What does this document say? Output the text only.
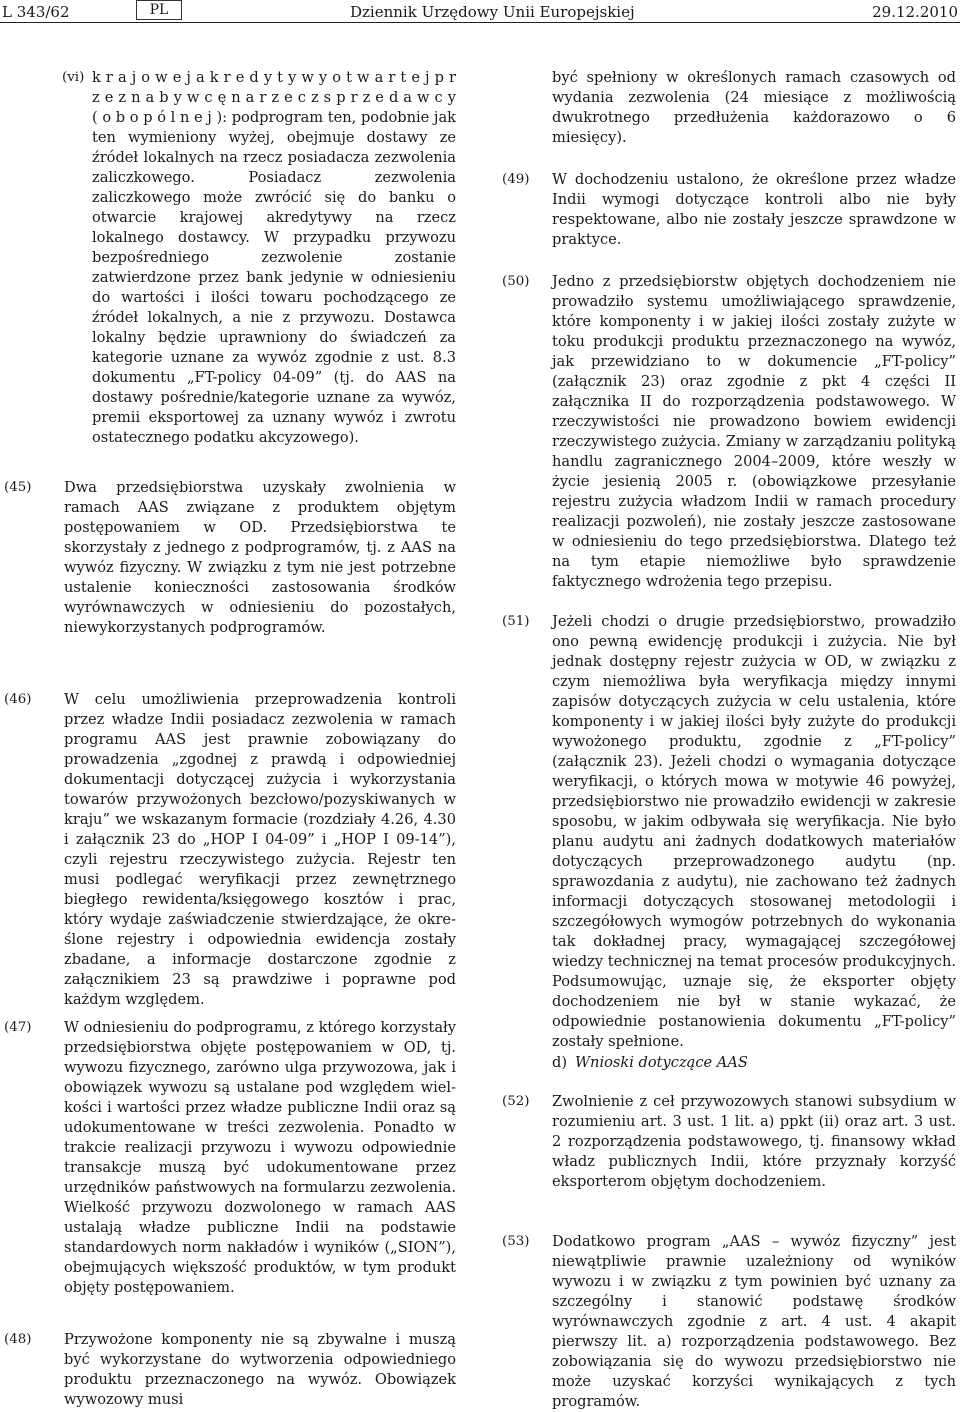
L 343/62	PL	Dziennik Urzędowy Unii Europejskiej	29.12.2010
(vi) k r a j o w e j a k r e d y t y w y o t w a r t e j p r z e z n a b y w c ę n a r z e c z s p r z e d a w c y ( o b o p ó l n e j ): podprogram ten, podobnie jak ten wymieniony wyżej, obejmuje dostawy ze źródeł lokalnych na rzecz posiadacza zezwolenia zaliczkowego. Posiadacz zezwolenia zaliczkowego może zwrócić się do banku o otwarcie krajowej akredytywy na rzecz lokalnego dostawcy. W przypadku przywozu bezpośredniego zezwolenie zostanie zatwierdzone przez bank jedynie w odniesieniu do wartości i ilości towaru pochodzącego ze źródeł lokalnych, a nie z przywozu. Dostawca lokalny będzie uprawniony do świadczeń za kategorie uznane za wywóz zgodnie z ust. 8.3 dokumentu „FT-policy 04-09” (tj. do AAS na dostawy pośrednie/kategorie uznane za wywóz, premii eksportowej za uznany wywóz i zwrotu ostatecznego podatku akcyzowego).
(45) Dwa przedsiębiorstwa uzyskały zwolnienia w ramach AAS związane z produktem objętym postępowaniem w OD. Przedsiębiorstwa te skorzystały z jednego z podprogramów, tj. z AAS na wywóz fizyczny. W związku z tym nie jest potrzebne ustalenie konieczności zastosowania środków wyrównawczych w odniesieniu do pozostałych, niewykorzystanych podprogramów.
(46) W celu umożliwienia przeprowadzenia kontroli przez władze Indii posiadacz zezwolenia w ramach programu AAS jest prawnie zobowiązany do prowadzenia „zgodnej z prawdą i odpowiedniej dokumentacji dotyczącej zużycia i wykorzystania towarów przywożonych bezcłowo/pozyskiwanych w kraju” we wskazanym formacie (rozdziały 4.26, 4.30 i załącznik 23 do „HOP I 04-09” i „HOP I 09-14”), czyli rejestru rzeczywistego zużycia. Rejestr ten musi podlegać weryfikacji przez zewnętrznego biegłego rewidenta/księgowego kosztów i prac, który wydaje zaświadczenie stwierdzające, że określone rejestry i odpowiednia ewidencja zostały zbadane, a informacje dostarczone zgodnie z załącznikiem 23 są prawdziwe i poprawne pod każdym względem.
(47) W odniesieniu do podprogramu, z którego korzystały przedsiębiorstwa objęte postępowaniem w OD, tj. wywozu fizycznego, zarówno ulga przywozowa, jak i obowiązek wywozu są ustalane pod względem wielkości i wartości przez władze publiczne Indii oraz są udokumentowane w treści zezwolenia. Ponadto w trakcie realizacji przywozu i wywozu odpowiednie transakcje muszą być udokumentowane przez urzędników państwowych na formularzu zezwolenia. Wielkość przywozu dozwolonego w ramach AAS ustalają władze publiczne Indii na podstawie standardowych norm nakładów i wyników („SION”), obejmujących większość produktów, w tym produkt objęty postępowaniem.
(48) Przywożone komponenty nie są zbywalne i muszą być wykorzystane do wytworzenia odpowiedniego produktu przeznaczonego na wywóz. Obowiązek wywozowy musi
być spełniony w określonych ramach czasowych od wydania zezwolenia (24 miesiące z możliwością dwukrotnego przedłużenia każdorazowo o 6 miesięcy).
(49) W dochodzeniu ustalono, że określone przez władze Indii wymogi dotyczące kontroli albo nie były respektowane, albo nie zostały jeszcze sprawdzone w praktyce.
(50) Jedno z przedsiębiorstw objętych dochodzeniem nie prowadziło systemu umożliwiającego sprawdzenie, które komponenty i w jakiej ilości zostały zużyte w toku produkcji produktu przeznaczonego na wywóz, jak przewidziano to w dokumencie „FT-policy” (załącznik 23) oraz zgodnie z pkt 4 części II załącznika II do rozporządzenia podstawowego. W rzeczywistości nie prowadzono bowiem ewidencji rzeczywistego zużycia. Zmiany w zarządzaniu polityką handlu zagranicznego 2004–2009, które weszły w życie jesienią 2005 r. (obowiązkowe przesyłanie rejestru zużycia władzom Indii w ramach procedury realizacji pozwoleń), nie zostały jeszcze zastosowane w odniesieniu do tego przedsiębiorstwa. Dlatego też na tym etapie niemożliwe było sprawdzenie faktycznego wdrożenia tego przepisu.
(51) Jeżeli chodzi o drugie przedsiębiorstwo, prowadziło ono pewną ewidencję produkcji i zużycia. Nie był jednak dostępny rejestr zużycia w OD, w związku z czym niemożliwa była weryfikacja między innymi zapisów dotyczących zużycia w celu ustalenia, które komponenty i w jakiej ilości były zużyte do produkcji wywożonego produktu, zgodnie z „FT-policy” (załącznik 23). Jeżeli chodzi o wymagania dotyczące weryfikacji, o których mowa w motywie 46 powyżej, przedsiębiorstwo nie prowadziło ewidencji w zakresie sposobu, w jakim odbywała się weryfikacja. Nie było planu audytu ani żadnych dodatkowych materiałów dotyczących przeprowadzonego audytu (np. sprawozdania z audytu), nie zachowano też żadnych informacji dotyczących stosowanej metodologii i szczegółowych wymogów potrzebnych do wykonania tak dokładnej pracy, wymagającej szczegółowej wiedzy technicznej na temat procesów produkcyjnych. Podsumowując, uznaje się, że eksporter objęty dochodzeniem nie był w stanie wykazać, że odpowiednie postanowienia dokumentu „FT-policy” zostały spełnione.
d) Wnioski dotyczące AAS
(52) Zwolnienie z ceł przywozowych stanowi subsydium w rozumieniu art. 3 ust. 1 lit. a) ppkt (ii) oraz art. 3 ust. 2 rozporządzenia podstawowego, tj. finansowy wkład władz publicznych Indii, które przyznały korzyść eksporterom objętym dochodzeniem.
(53) Dodatkowo program „AAS – wywóz fizyczny” jest niewątpliwie prawnie uzależniony od wyników wywozu i w związku z tym powinien być uznany za szczególny i stanowić podstawę środków wyrównawczych zgodnie z art. 4 ust. 4 akapit pierwszy lit. a) rozporządzenia podstawowego. Bez zobowiązania się do wywozu przedsiębiorstwo nie może uzyskać korzyści wynikających z tych programów.
